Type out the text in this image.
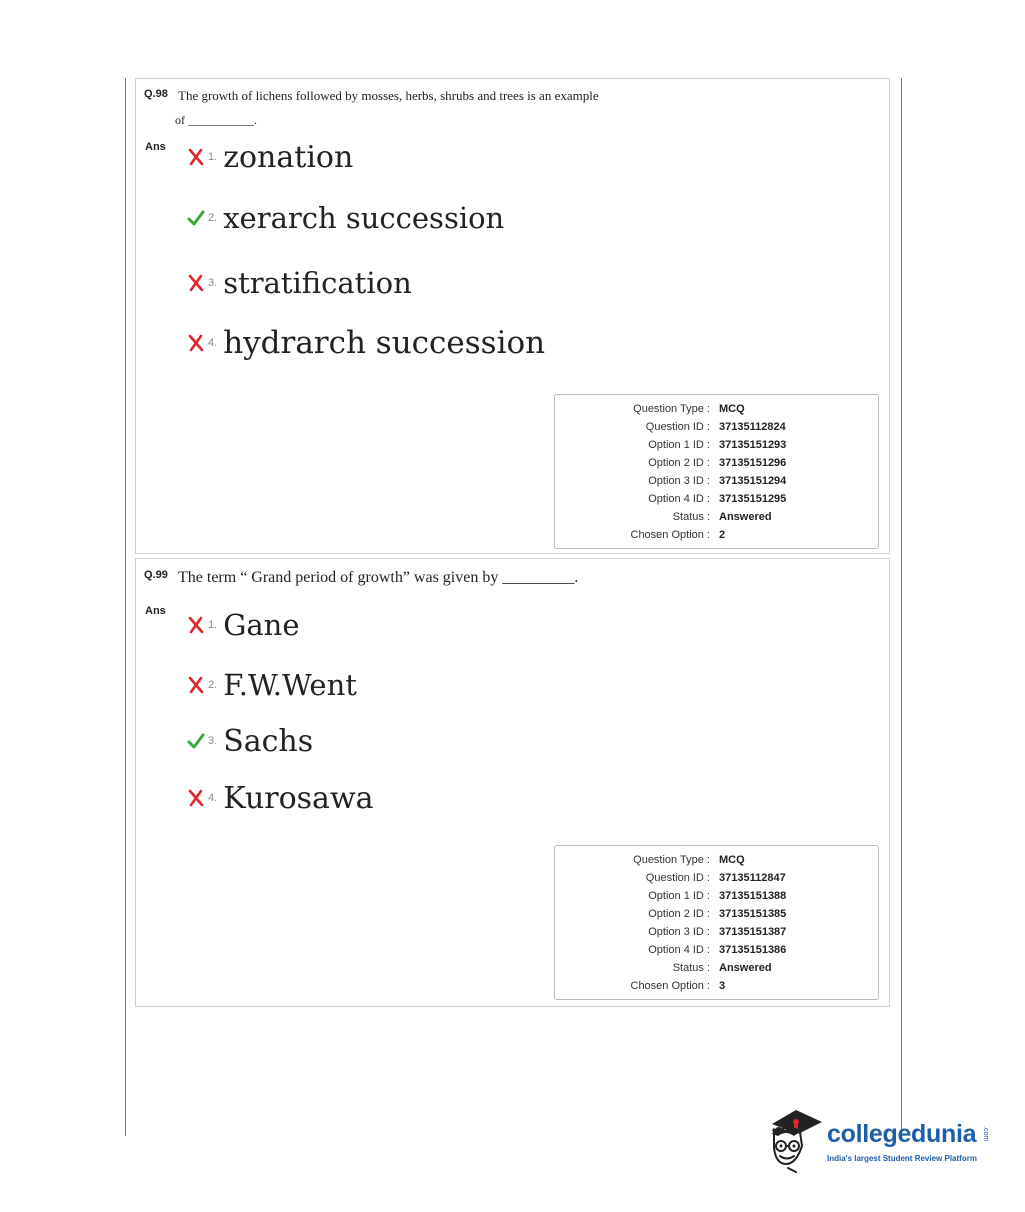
Q.98 The growth of lichens followed by mosses, herbs, shrubs and trees is an example
of ___________.
Ans
1. zonation
2. xerarch succession
3. stratification
4. hydrarch succession
Question Type : MCQ
Question ID : 37135112824
Option 1 ID : 37135151293
Option 2 ID : 37135151296
Option 3 ID : 37135151294
Option 4 ID : 37135151295
Status : Answered
Chosen Option : 2
Q.99 The term “ Grand period of growth” was given by _________.
Ans
1. Gane
2. F.W.Went
3. Sachs
4. Kurosawa
Question Type : MCQ
Question ID : 37135112847
Option 1 ID : 37135151388
Option 2 ID : 37135151385
Option 3 ID : 37135151387
Option 4 ID : 37135151386
Status : Answered
Chosen Option : 3
collegedunia .com
India's largest Student Review Platform
